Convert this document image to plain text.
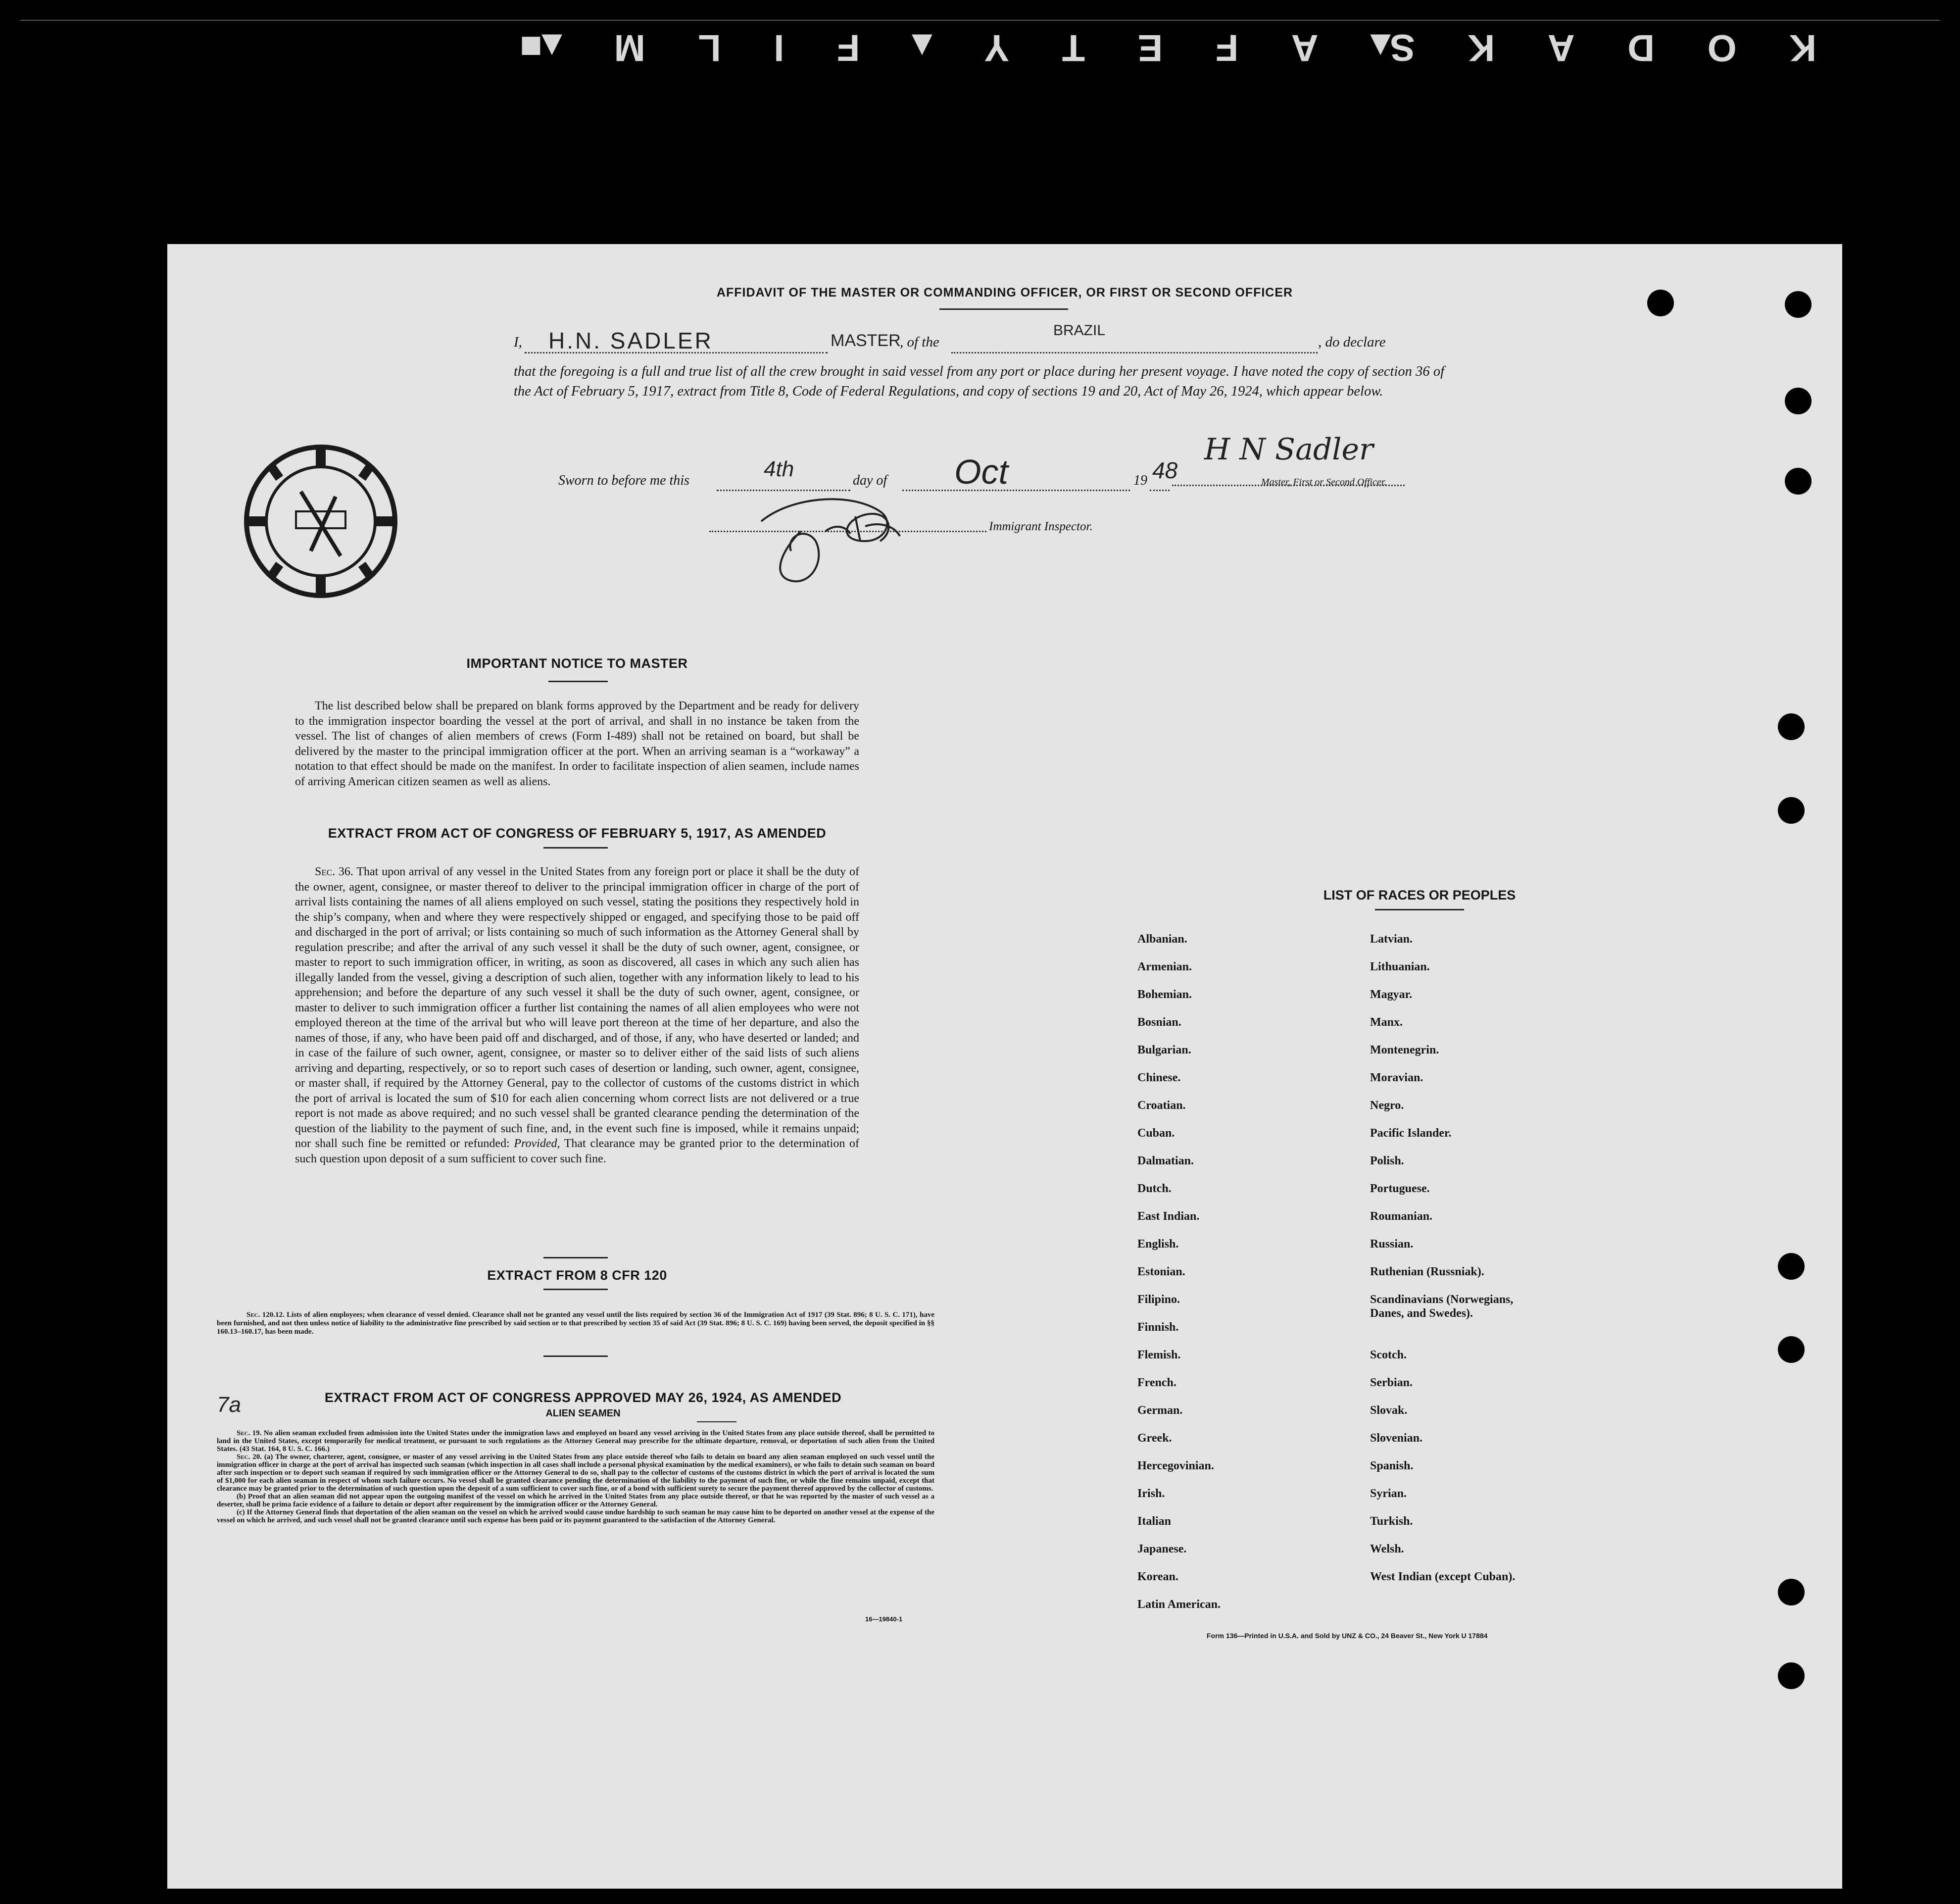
K
O
D
A
K
S▴
A
F
E
T
Y
▴
F
I
L
M
▴■
AFFIDAVIT OF THE MASTER OR COMMANDING OFFICER, OR FIRST OR SECOND OFFICER
I, H.N. SADLER	MASTER
, of the
BRAZIL
, do declare
that the foregoing is a full and true list of all the crew brought in said vessel from any port or place during her present voyage. I have noted the copy of section 36 of the Act of February 5, 1917, extract from Title 8, Code of Federal Regulations, and copy of sections 19 and 20, Act of May 26, 1924, which appear below.
Sworn to before me this	4th	day of Oct	19 48
H N Sadler
Master, First or Second Officer.
Immigrant Inspector.
IMPORTANT NOTICE TO MASTER

The list described below shall be prepared on blank forms approved by the Department and be ready for delivery to the immigration inspector boarding the vessel at the port of arrival, and shall in no instance be taken from the vessel. The list of changes of alien members of crews (Form I-489) shall not be retained on board, but shall be delivered by the master to the principal immigration officer at the port. When an arriving seaman is a “workaway” a notation to that effect should be made on the manifest. In order to facilitate inspection of alien seamen, include names of arriving American citizen seamen as well as aliens.

EXTRACT FROM ACT OF CONGRESS OF FEBRUARY 5, 1917, AS AMENDED

Sec. 36. That upon arrival of any vessel in the United States from any foreign port or place it shall be the duty of the owner, agent, consignee, or master thereof to deliver to the principal immigration officer in charge of the port of arrival lists containing the names of all aliens employed on such vessel, stating the positions they respectively hold in the ship’s company, when and where they were respectively shipped or engaged, and specifying those to be paid off and discharged in the port of arrival; or lists containing so much of such information as the Attorney General shall by regulation prescribe; and after the arrival of any such vessel it shall be the duty of such owner, agent, consignee, or master to report to such immigration officer, in writing, as soon as discovered, all cases in which any such alien has illegally landed from the vessel, giving a description of such alien, together with any information likely to lead to his apprehension; and before the departure of any such vessel it shall be the duty of such owner, agent, consignee, or master to deliver to such immigration officer a further list containing the names of all alien employees who were not employed thereon at the time of the arrival but who will leave port thereon at the time of her departure, and also the names of those, if any, who have been paid off and discharged, and of those, if any, who have deserted or landed; and in case of the failure of such owner, agent, consignee, or master so to deliver either of the said lists of such aliens arriving and departing, respectively, or so to report such cases of desertion or landing, such owner, agent, consignee, or master shall, if required by the Attorney General, pay to the collector of customs of the customs district in which the port of arrival is located the sum of $10 for each alien concerning whom correct lists are not delivered or a true report is not made as above required; and no such vessel shall be granted clearance pending the determination of the question of the liability to the payment of such fine, and, in the event such fine is imposed, while it remains unpaid; nor shall such fine be remitted or refunded: Provided, That clearance may be granted prior to the determination of such question upon deposit of a sum sufficient to cover such fine.

EXTRACT FROM 8 CFR 120

Sec. 120.12. Lists of alien employees; when clearance of vessel denied. Clearance shall not be granted any vessel until the lists required by section 36 of the Immigration Act of 1917 (39 Stat. 896; 8 U. S. C. 171), have been furnished, and not then unless notice of liability to the administrative fine prescribed by said section or to that prescribed by section 35 of said Act (39 Stat. 896; 8 U. S. C. 169) having been served, the deposit specified in §§ 160.13–160.17, has been made.

7a	EXTRACT FROM ACT OF CONGRESS APPROVED MAY 26, 1924, AS AMENDED
ALIEN SEAMEN

Sec. 19. No alien seaman excluded from admission into the United States under the immigration laws and employed on board any vessel arriving in the United States from any place outside thereof, shall be permitted to land in the United States, except temporarily for medical treatment, or pursuant to such regulations as the Attorney General may prescribe for the ultimate departure, removal, or deportation of such alien from the United States. (43 Stat. 164, 8 U. S. C. 166.)

Sec. 20. (a) The owner, charterer, agent, consignee, or master of any vessel arriving in the United States from any place outside thereof who fails to detain on board any alien seaman employed on such vessel until the immigration officer in charge at the port of arrival has inspected such seaman (which inspection in all cases shall include a personal physical examination by the medical examiners), or who fails to detain such seaman on board after such inspection or to deport such seaman if required by such immigration officer or the Attorney General to do so, shall pay to the collector of customs of the customs district in which the port of arrival is located the sum of $1,000 for each alien seaman in respect of whom such failure occurs. No vessel shall be granted clearance pending the determination of the liability to the payment of such fine, or while the fine remains unpaid, except that clearance may be granted prior to the determination of such question upon the deposit of a sum sufficient to cover such fine, or of a bond with sufficient surety to secure the payment thereof approved by the collector of customs.

(b) Proof that an alien seaman did not appear upon the outgoing manifest of the vessel on which he arrived in the United States from any place outside thereof, or that he was reported by the master of such vessel as a deserter, shall be prima facie evidence of a failure to detain or deport after requirement by the immigration officer or the Attorney General.

(c) If the Attorney General finds that deportation of the alien seaman on the vessel on which he arrived would cause undue hardship to such seaman he may cause him to be deported on another vessel at the expense of the vessel on which he arrived, and such vessel shall not be granted clearance until such expense has been paid or its payment guaranteed to the satisfaction of the Attorney General.

16—19840-1
LIST OF RACES OR PEOPLES
Albanian.
Armenian.
Bohemian.
Bosnian.
Bulgarian.
Chinese.
Croatian.
Cuban.
Dalmatian.
Dutch.
East Indian.
English.
Estonian.
Filipino.
Finnish.
Flemish.
French.
German.
Greek.
Hercegovinian.
Irish.
Italian
Japanese.
Korean.
Latin American.
Latvian.
Lithuanian.
Magyar.
Manx.
Montenegrin.
Moravian.
Negro.
Pacific Islander.
Polish.
Portuguese.
Roumanian.
Russian.
Ruthenian (Russniak).
Scandinavians (Norwegians,
Danes, and Swedes).
Scotch.
Serbian.
Slovak.
Slovenian.
Spanish.
Syrian.
Turkish.
Welsh.
West Indian (except Cuban).
Form 136—Printed in U.S.A. and Sold by UNZ & CO., 24 Beaver St., New York U 17884
